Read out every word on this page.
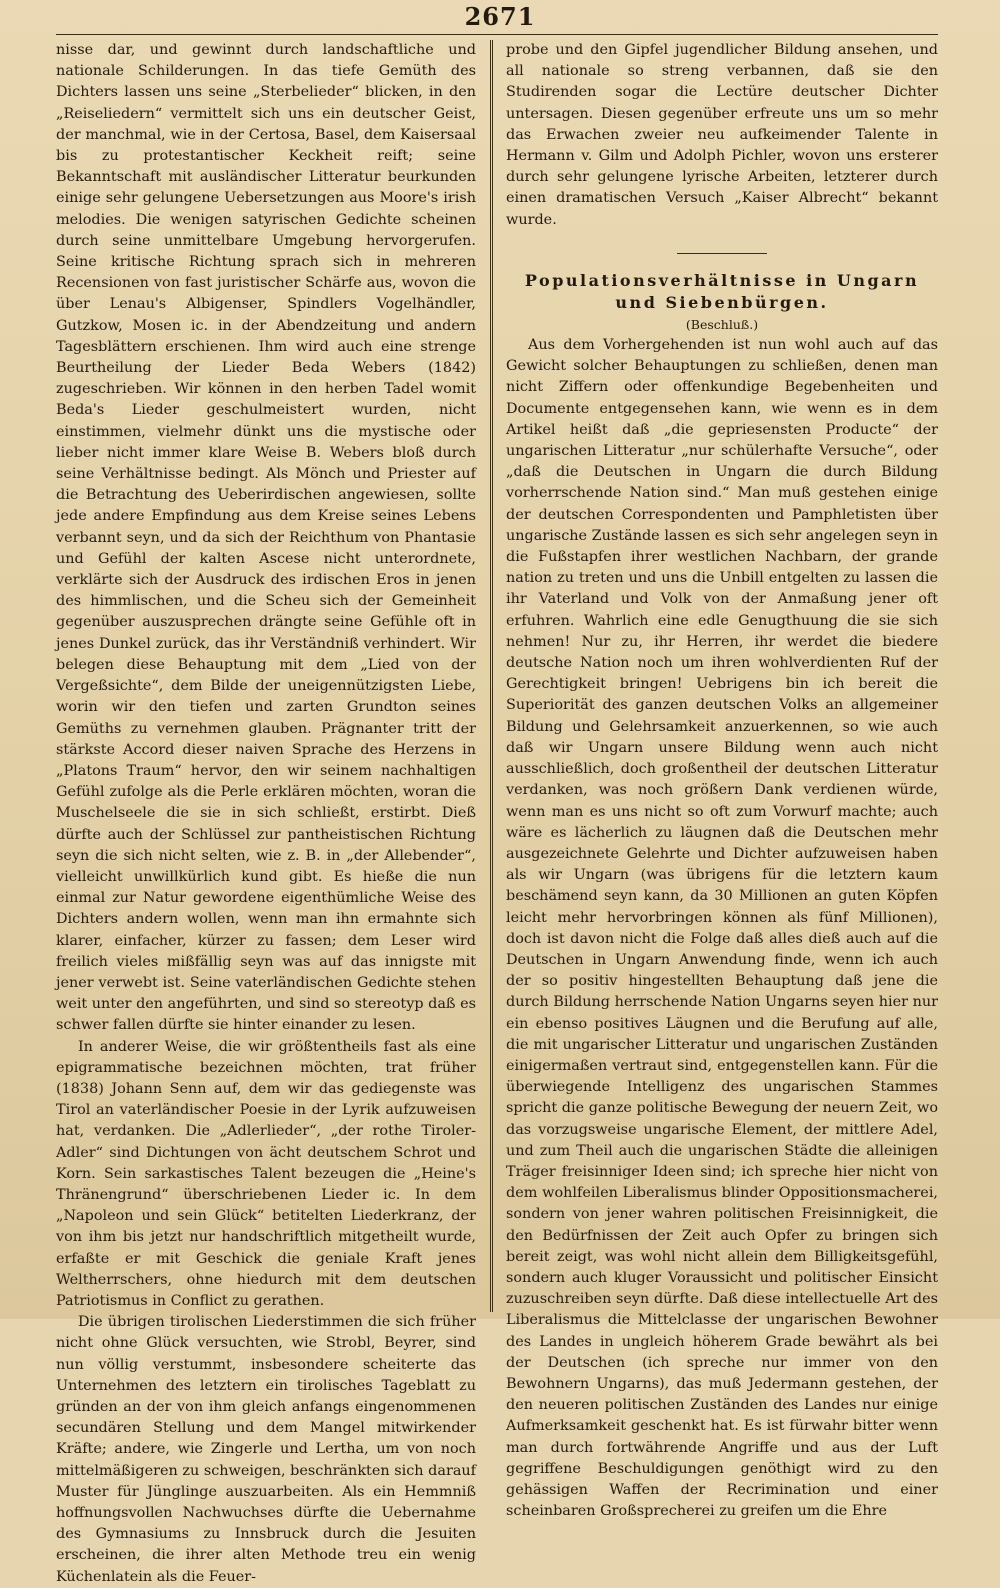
2671

nisse dar, und gewinnt durch landschaftliche und nationale Schilderungen. In das tiefe Gemüth des Dichters lassen uns seine „Sterbelieder“ blicken, in den „Reiseliedern“ vermittelt sich uns ein deutscher Geist, der manchmal, wie in der Certosa, Basel, dem Kaisersaal bis zu protestantischer Keckheit reift; seine Bekanntschaft mit ausländischer Litteratur beurkunden einige sehr gelungene Uebersetzungen aus Moore's irish melodies. Die wenigen satyrischen Gedichte scheinen durch seine unmittelbare Umgebung hervorgerufen. Seine kritische Richtung sprach sich in mehreren Recensionen von fast juristischer Schärfe aus, wovon die über Lenau's Albigenser, Spindlers Vogelhändler, Gutzkow, Mosen ic. in der Abendzeitung und andern Tagesblättern erschienen. Ihm wird auch eine strenge Beurtheilung der Lieder Beda Webers (1842) zugeschrieben. Wir können in den herben Tadel womit Beda's Lieder geschulmeistert wurden, nicht einstimmen, vielmehr dünkt uns die mystische oder lieber nicht immer klare Weise B. Webers bloß durch seine Verhältnisse bedingt. Als Mönch und Priester auf die Betrachtung des Ueberirdischen angewiesen, sollte jede andere Empfindung aus dem Kreise seines Lebens verbannt seyn, und da sich der Reichthum von Phantasie und Gefühl der kalten Ascese nicht unterordnete, verklärte sich der Ausdruck des irdischen Eros in jenen des himmlischen, und die Scheu sich der Gemeinheit gegenüber auszusprechen drängte seine Gefühle oft in jenes Dunkel zurück, das ihr Verständniß verhindert. Wir belegen diese Behauptung mit dem „Lied von der Vergeßsichte“, dem Bilde der uneigennützigsten Liebe, worin wir den tiefen und zarten Grundton seines Gemüths zu vernehmen glauben. Prägnanter tritt der stärkste Accord dieser naiven Sprache des Herzens in „Platons Traum“ hervor, den wir seinem nachhaltigen Gefühl zufolge als die Perle erklären möchten, woran die Muschelseele die sie in sich schließt, erstirbt. Dieß dürfte auch der Schlüssel zur pantheistischen Richtung seyn die sich nicht selten, wie z. B. in „der Allebender“, vielleicht unwillkürlich kund gibt. Es hieße die nun einmal zur Natur gewordene eigenthümliche Weise des Dichters andern wollen, wenn man ihn ermahnte sich klarer, einfacher, kürzer zu fassen; dem Leser wird freilich vieles mißfällig seyn was auf das innigste mit jener verwebt ist. Seine vaterländischen Gedichte stehen weit unter den angeführten, und sind so stereotyp daß es schwer fallen dürfte sie hinter einander zu lesen.

In anderer Weise, die wir größtentheils fast als eine epigrammatische bezeichnen möchten, trat früher (1838) Johann Senn auf, dem wir das gediegenste was Tirol an vaterländischer Poesie in der Lyrik aufzuweisen hat, verdanken. Die „Adlerlieder“, „der rothe Tiroler-Adler“ sind Dichtungen von ächt deutschem Schrot und Korn. Sein sarkastisches Talent bezeugen die „Heine's Thränengrund“ überschriebenen Lieder ic. In dem „Napoleon und sein Glück“ betitelten Liederkranz, der von ihm bis jetzt nur handschriftlich mitgetheilt wurde, erfaßte er mit Geschick die geniale Kraft jenes Weltherrschers, ohne hiedurch mit dem deutschen Patriotismus in Conflict zu gerathen.

Die übrigen tirolischen Liederstimmen die sich früher nicht ohne Glück versuchten, wie Strobl, Beyrer, sind nun völlig verstummt, insbesondere scheiterte das Unternehmen des letztern ein tirolisches Tageblatt zu gründen an der von ihm gleich anfangs eingenommenen secundären Stellung und dem Mangel mitwirkender Kräfte; andere, wie Zingerle und Lertha, um von noch mittelmäßigeren zu schweigen, beschränkten sich darauf Muster für Jünglinge auszuarbeiten. Als ein Hemmniß hoffnungsvollen Nachwuchses dürfte die Uebernahme des Gymnasiums zu Innsbruck durch die Jesuiten erscheinen, die ihrer alten Methode treu ein wenig Küchenlatein als die Feuer-

probe und den Gipfel jugendlicher Bildung ansehen, und all nationale so streng verbannen, daß sie den Studirenden sogar die Lectüre deutscher Dichter untersagen. Diesen gegenüber erfreute uns um so mehr das Erwachen zweier neu aufkeimender Talente in Hermann v. Gilm und Adolph Pichler, wovon uns ersterer durch sehr gelungene lyrische Arbeiten, letzterer durch einen dramatischen Versuch „Kaiser Albrecht“ bekannt wurde.

Populationsverhältnisse in Ungarn und Siebenbürgen.

(Beschluß.)

Aus dem Vorhergehenden ist nun wohl auch auf das Gewicht solcher Behauptungen zu schließen, denen man nicht Ziffern oder offenkundige Begebenheiten und Documente entgegensehen kann, wie wenn es in dem Artikel heißt daß „die gepriesensten Producte“ der ungarischen Litteratur „nur schülerhafte Versuche“, oder „daß die Deutschen in Ungarn die durch Bildung vorherrschende Nation sind.“ Man muß gestehen einige der deutschen Correspondenten und Pamphletisten über ungarische Zustände lassen es sich sehr angelegen seyn in die Fußstapfen ihrer westlichen Nachbarn, der grande nation zu treten und uns die Unbill entgelten zu lassen die ihr Vaterland und Volk von der Anmaßung jener oft erfuhren. Wahrlich eine edle Genugthuung die sie sich nehmen! Nur zu, ihr Herren, ihr werdet die biedere deutsche Nation noch um ihren wohlverdienten Ruf der Gerechtigkeit bringen! Uebrigens bin ich bereit die Superiorität des ganzen deutschen Volks an allgemeiner Bildung und Gelehrsamkeit anzuerkennen, so wie auch daß wir Ungarn unsere Bildung wenn auch nicht ausschließlich, doch großentheil der deutschen Litteratur verdanken, was noch größern Dank verdienen würde, wenn man es uns nicht so oft zum Vorwurf machte; auch wäre es lächerlich zu läugnen daß die Deutschen mehr ausgezeichnete Gelehrte und Dichter aufzuweisen haben als wir Ungarn (was übrigens für die letztern kaum beschämend seyn kann, da 30 Millionen an guten Köpfen leicht mehr hervorbringen können als fünf Millionen), doch ist davon nicht die Folge daß alles dieß auch auf die Deutschen in Ungarn Anwendung finde, wenn ich auch der so positiv hingestellten Behauptung daß jene die durch Bildung herrschende Nation Ungarns seyen hier nur ein ebenso positives Läugnen und die Berufung auf alle, die mit ungarischer Litteratur und ungarischen Zuständen einigermaßen vertraut sind, entgegenstellen kann. Für die überwiegende Intelligenz des ungarischen Stammes spricht die ganze politische Bewegung der neuern Zeit, wo das vorzugsweise ungarische Element, der mittlere Adel, und zum Theil auch die ungarischen Städte die alleinigen Träger freisinniger Ideen sind; ich spreche hier nicht von dem wohlfeilen Liberalismus blinder Oppositionsmacherei, sondern von jener wahren politischen Freisinnigkeit, die den Bedürfnissen der Zeit auch Opfer zu bringen sich bereit zeigt, was wohl nicht allein dem Billigkeitsgefühl, sondern auch kluger Voraussicht und politischer Einsicht zuzuschreiben seyn dürfte. Daß diese intellectuelle Art des Liberalismus die Mittelclasse der ungarischen Bewohner des Landes in ungleich höherem Grade bewährt als bei der Deutschen (ich spreche nur immer von den Bewohnern Ungarns), das muß Jedermann gestehen, der den neueren politischen Zuständen des Landes nur einige Aufmerksamkeit geschenkt hat. Es ist fürwahr bitter wenn man durch fortwährende Angriffe und aus der Luft gegriffene Beschuldigungen genöthigt wird zu den gehässigen Waffen der Recrimination und einer scheinbaren Großsprecherei zu greifen um die Ehre
